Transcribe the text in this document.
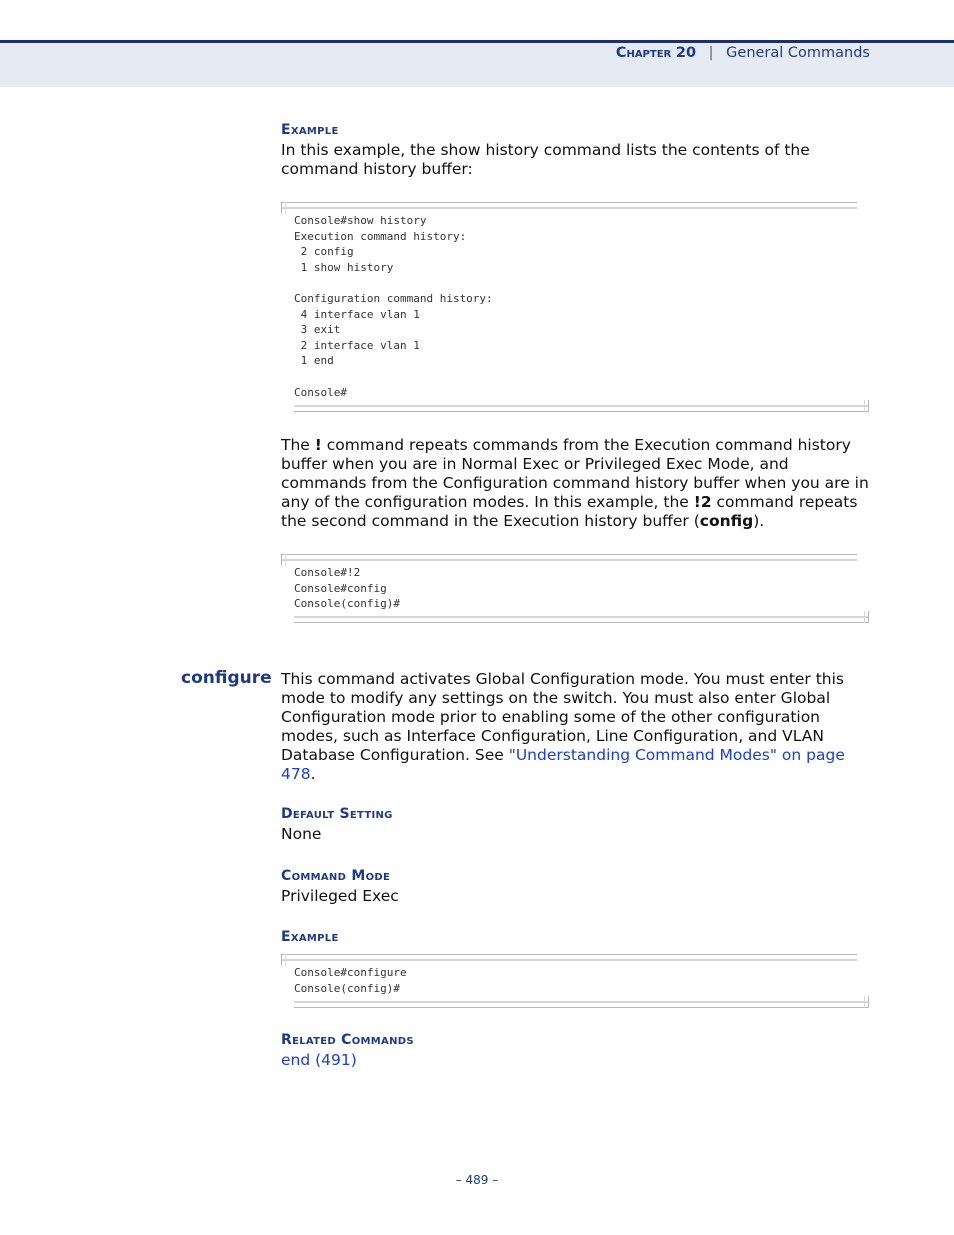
Chapter 20 | General Commands
Example
In this example, the show history command lists the contents of the command history buffer:
Console#show history
Execution command history:
2 config
1 show history

Configuration command history:
4 interface vlan 1
3 exit
2 interface vlan 1
1 end

Console#
The ! command repeats commands from the Execution command history buffer when you are in Normal Exec or Privileged Exec Mode, and commands from the Configuration command history buffer when you are in any of the configuration modes. In this example, the !2 command repeats the second command in the Execution history buffer (config).
Console#!2
Console#config
Console(config)#
configure This command activates Global Configuration mode. You must enter this mode to modify any settings on the switch. You must also enter Global Configuration mode prior to enabling some of the other configuration modes, such as Interface Configuration, Line Configuration, and VLAN Database Configuration. See "Understanding Command Modes" on page 478.
Default Setting
None
Command Mode
Privileged Exec
Example
Console#configure
Console(config)#
Related Commands
end (491)
– 489 –
